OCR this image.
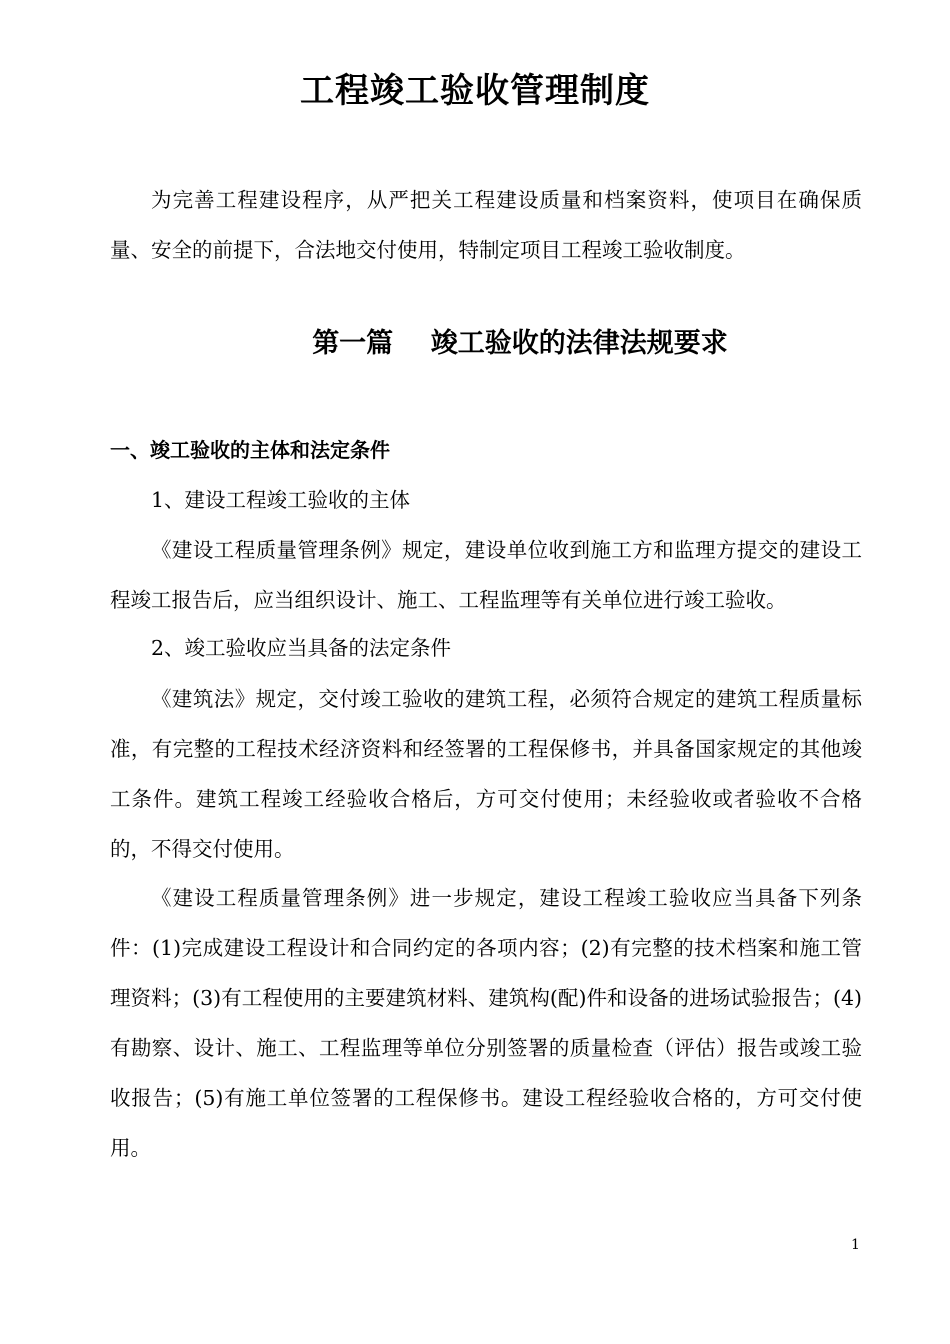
工程竣工验收管理制度
为完善工程建设程序，从严把关工程建设质量和档案资料，使项目在确保质量、安全的前提下，合法地交付使用，特制定项目工程竣工验收制度。
第一篇    竣工验收的法律法规要求
一、竣工验收的主体和法定条件
1、建设工程竣工验收的主体
《建设工程质量管理条例》规定，建设单位收到施工方和监理方提交的建设工程竣工报告后，应当组织设计、施工、工程监理等有关单位进行竣工验收。
2、竣工验收应当具备的法定条件
《建筑法》规定，交付竣工验收的建筑工程，必须符合规定的建筑工程质量标准，有完整的工程技术经济资料和经签署的工程保修书，并具备国家规定的其他竣工条件。建筑工程竣工经验收合格后，方可交付使用；未经验收或者验收不合格的，不得交付使用。
《建设工程质量管理条例》进一步规定，建设工程竣工验收应当具备下列条件：(1)完成建设工程设计和合同约定的各项内容；(2)有完整的技术档案和施工管理资料；(3)有工程使用的主要建筑材料、建筑构(配)件和设备的进场试验报告；(4)有勘察、设计、施工、工程监理等单位分别签署的质量检查（评估）报告或竣工验收报告；(5)有施工单位签署的工程保修书。建设工程经验收合格的，方可交付使用。
1
